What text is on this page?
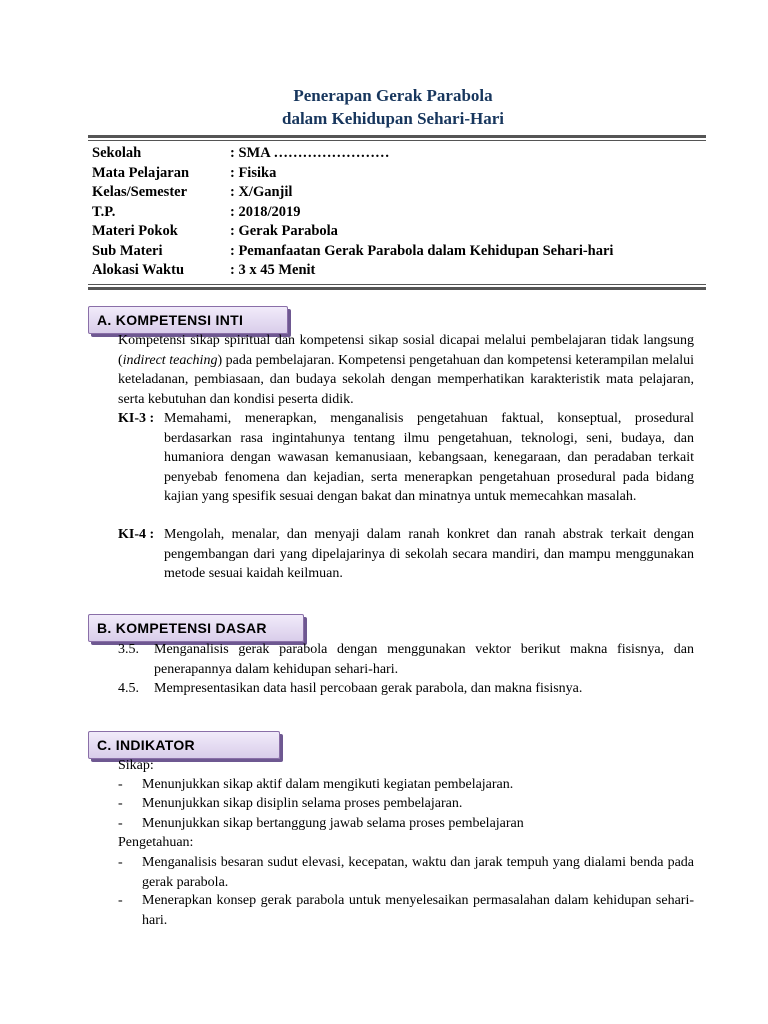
Penerapan Gerak Parabola
dalam Kehidupan Sehari-Hari
Sekolah	: SMA ……………………
Mata Pelajaran	: Fisika
Kelas/Semester	: X/Ganjil
T.P.	: 2018/2019
Materi Pokok	: Gerak Parabola
Sub Materi	: Pemanfaatan Gerak Parabola dalam Kehidupan Sehari-hari
Alokasi Waktu	: 3 x 45 Menit
A. KOMPETENSI INTI

Kompetensi sikap spiritual dan kompetensi sikap sosial dicapai melalui pembelajaran tidak langsung (indirect teaching) pada pembelajaran. Kompetensi pengetahuan dan kompetensi keterampilan melalui keteladanan, pembiasaan, dan budaya sekolah dengan memperhatikan karakteristik mata pelajaran, serta kebutuhan dan kondisi peserta didik.

KI-3 : Memahami, menerapkan, menganalisis pengetahuan faktual, konseptual, prosedural berdasarkan rasa ingintahunya tentang ilmu pengetahuan, teknologi, seni, budaya, dan humaniora dengan wawasan kemanusiaan, kebangsaan, kenegaraan, dan peradaban terkait penyebab fenomena dan kejadian, serta menerapkan pengetahuan prosedural pada bidang kajian yang spesifik sesuai dengan bakat dan minatnya untuk memecahkan masalah.
KI-4 : Mengolah, menalar, dan menyaji dalam ranah konkret dan ranah abstrak terkait dengan pengembangan dari yang dipelajarinya di sekolah secara mandiri, dan mampu menggunakan metode sesuai kaidah keilmuan.
B. KOMPETENSI DASAR
3.5. Menganalisis gerak parabola dengan menggunakan vektor berikut makna fisisnya, dan penerapannya dalam kehidupan sehari-hari.
4.5. Mempresentasikan data hasil percobaan gerak parabola, dan makna fisisnya.
C. INDIKATOR
Sikap:
- Menunjukkan sikap aktif dalam mengikuti kegiatan pembelajaran.
- Menunjukkan sikap disiplin selama proses pembelajaran.
- Menunjukkan sikap bertanggung jawab selama proses pembelajaran
Pengetahuan:
- Menganalisis besaran sudut elevasi, kecepatan, waktu dan jarak tempuh yang dialami benda pada gerak parabola.
- Menerapkan konsep gerak parabola untuk menyelesaikan permasalahan dalam kehidupan sehari-hari.
